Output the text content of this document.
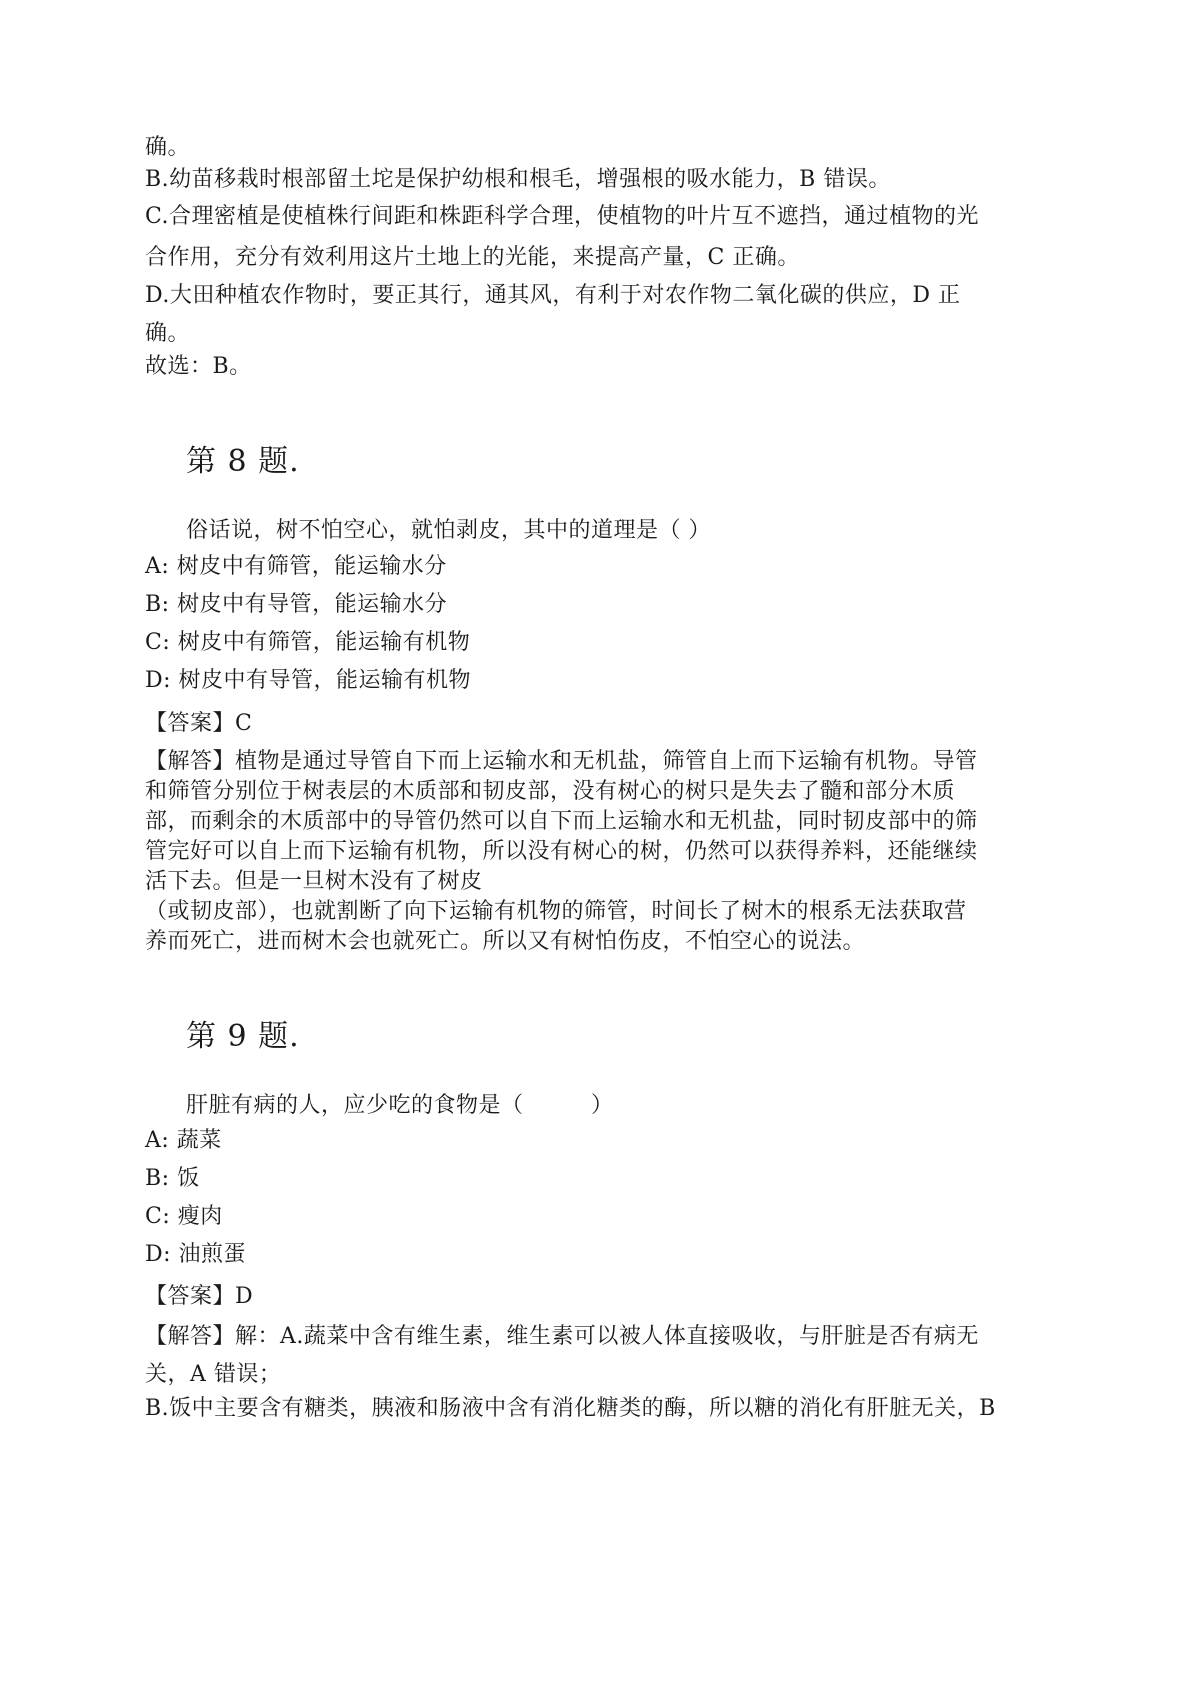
确。
B.幼苗移栽时根部留土坨是保护幼根和根毛，增强根的吸水能力，B 错误。
C.合理密植是使植株行间距和株距科学合理，使植物的叶片互不遮挡，通过植物的光
合作用，充分有效利用这片土地上的光能，来提高产量，C 正确。
D.大田种植农作物时，要正其行，通其风，有利于对农作物二氧化碳的供应，D 正
确。
故选：B。
第 8 题.
俗话说，树不怕空心，就怕剥皮，其中的道理是（ ）
A: 树皮中有筛管，能运输水分
B: 树皮中有导管，能运输水分
C: 树皮中有筛管，能运输有机物
D: 树皮中有导管，能运输有机物
【答案】C
【解答】植物是通过导管自下而上运输水和无机盐，筛管自上而下运输有机物。导管
和筛管分别位于树表层的木质部和韧皮部，没有树心的树只是失去了髓和部分木质
部，而剩余的木质部中的导管仍然可以自下而上运输水和无机盐，同时韧皮部中的筛
管完好可以自上而下运输有机物，所以没有树心的树，仍然可以获得养料，还能继续
活下去。但是一旦树木没有了树皮
（或韧皮部），也就割断了向下运输有机物的筛管，时间长了树木的根系无法获取营
养而死亡，进而树木会也就死亡。所以又有树怕伤皮，不怕空心的说法。
第 9 题.
肝脏有病的人，应少吃的食物是（　　　）
A: 蔬菜
B: 饭
C: 瘦肉
D: 油煎蛋
【答案】D
【解答】解：A.蔬菜中含有维生素，维生素可以被人体直接吸收，与肝脏是否有病无
关，A 错误；
B.饭中主要含有糖类，胰液和肠液中含有消化糖类的酶，所以糖的消化有肝脏无关，B
